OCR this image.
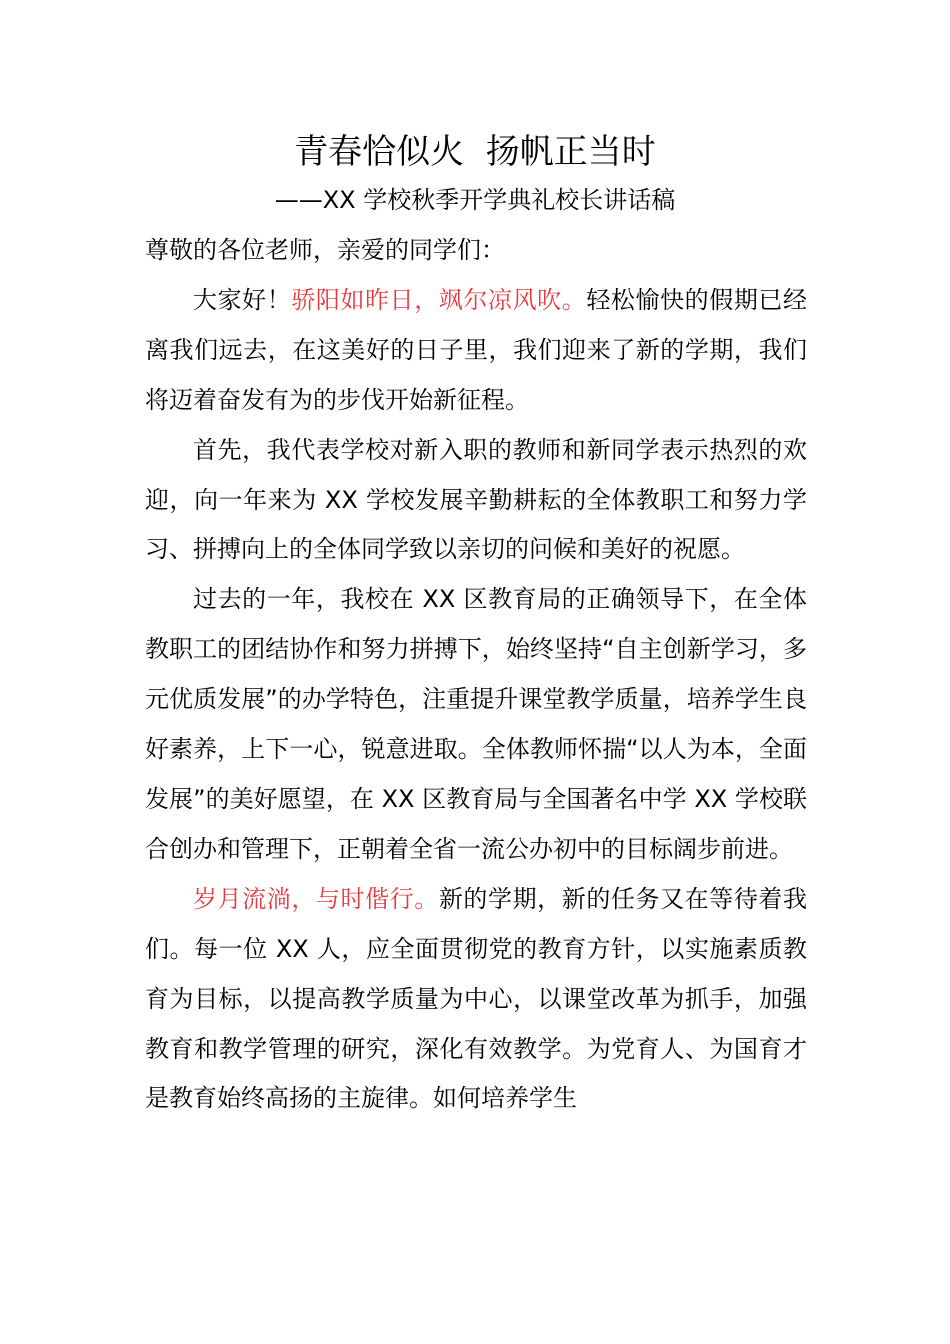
青春恰似火  扬帆正当时
——XX 学校秋季开学典礼校长讲话稿

尊敬的各位老师，亲爱的同学们：

大家好！骄阳如昨日，飒尔凉风吹。轻松愉快的假期已经离我们远去，在这美好的日子里，我们迎来了新的学期，我们将迈着奋发有为的步伐开始新征程。

首先，我代表学校对新入职的教师和新同学表示热烈的欢迎，向一年来为 XX 学校发展辛勤耕耘的全体教职工和努力学习、拼搏向上的全体同学致以亲切的问候和美好的祝愿。

过去的一年，我校在 XX 区教育局的正确领导下，在全体教职工的团结协作和努力拼搏下，始终坚持“自主创新学习，多元优质发展”的办学特色，注重提升课堂教学质量，培养学生良好素养，上下一心，锐意进取。全体教师怀揣“以人为本，全面发展”的美好愿望，在 XX 区教育局与全国著名中学 XX 学校联合创办和管理下，正朝着全省一流公办初中的目标阔步前进。

岁月流淌，与时偕行。新的学期，新的任务又在等待着我们。每一位 XX 人，应全面贯彻党的教育方针，以实施素质教育为目标，以提高教学质量为中心，以课堂改革为抓手，加强教育和教学管理的研究，深化有效教学。为党育人、为国育才是教育始终高扬的主旋律。如何培养学生
